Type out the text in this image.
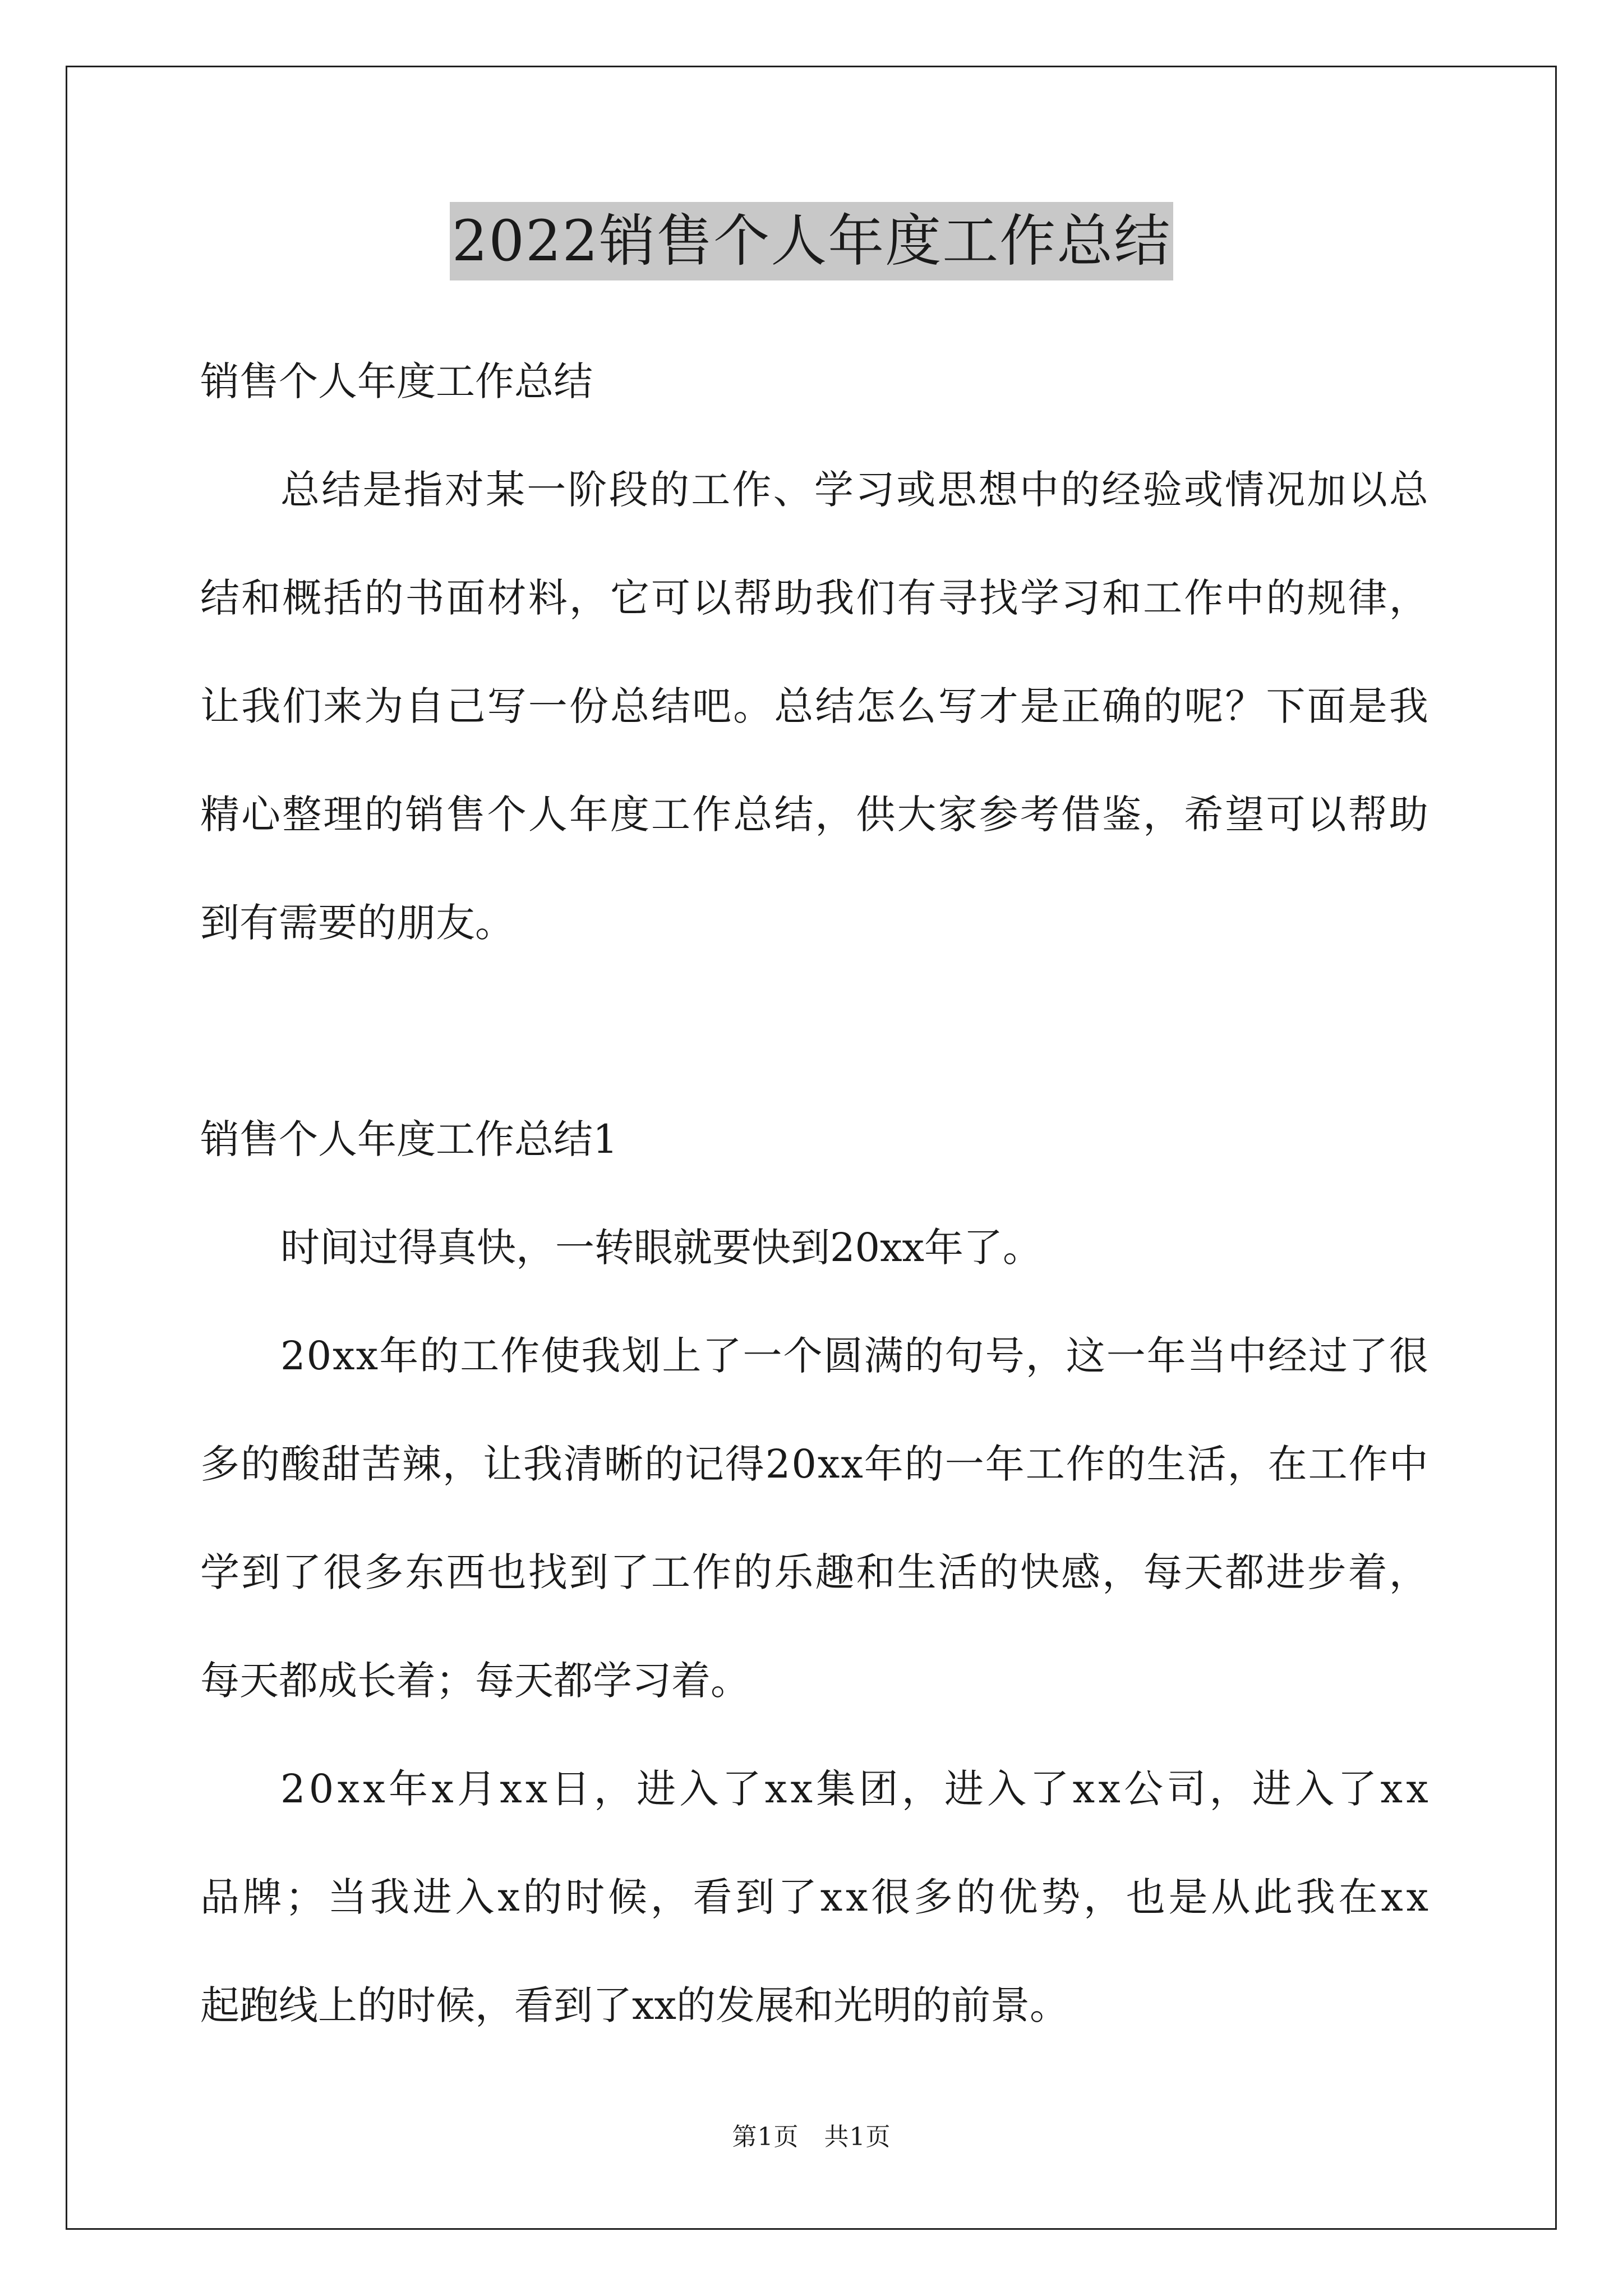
2022销售个人年度工作总结
销售个人年度工作总结
总 结 是 指 对 某 一 阶 段 的 工 作 、 学 习 或 思 想 中 的 经 验 或 情 况 加 以 总
结 和 概 括 的 书 面 材 料 ， 它 可 以 帮 助 我 们 有 寻 找 学 习 和 工 作 中 的 规 律 ，
让 我 们 来 为 自 己 写 一 份 总 结 吧 。 总 结 怎 么 写 才 是 正 确 的 呢 ？ 下 面 是 我
精 心 整 理 的 销 售 个 人 年 度 工 作 总 结 ， 供 大 家 参 考 借 鉴 ， 希 望 可 以 帮 助
到有需要的朋友。
销售个人年度工作总结1
时间过得真快，一转眼就要快到20xx年了。
2 0 x x 年 的 工 作 使 我 划 上 了 一 个 圆 满 的 句 号 ， 这 一 年 当 中 经 过 了 很
多 的 酸 甜 苦 辣 ， 让 我 清 晰 的 记 得 2 0 x x 年 的 一 年 工 作 的 生 活 ， 在 工 作 中
学 到 了 很 多 东 西 也 找 到 了 工 作 的 乐 趣 和 生 活 的 快 感 ， 每 天 都 进 步 着 ，
每天都成长着；每天都学习着。
2 0 x x 年 x 月 x x 日 ， 进 入 了 x x 集 团 ， 进 入 了 x x 公 司 ， 进 入 了 x x
品 牌 ； 当 我 进 入 x 的 时 候 ， 看 到 了 x x 很 多 的 优 势 ， 也 是 从 此 我 在 x x
起跑线上的时候，看到了xx的发展和光明的前景。
第1页　共1页
